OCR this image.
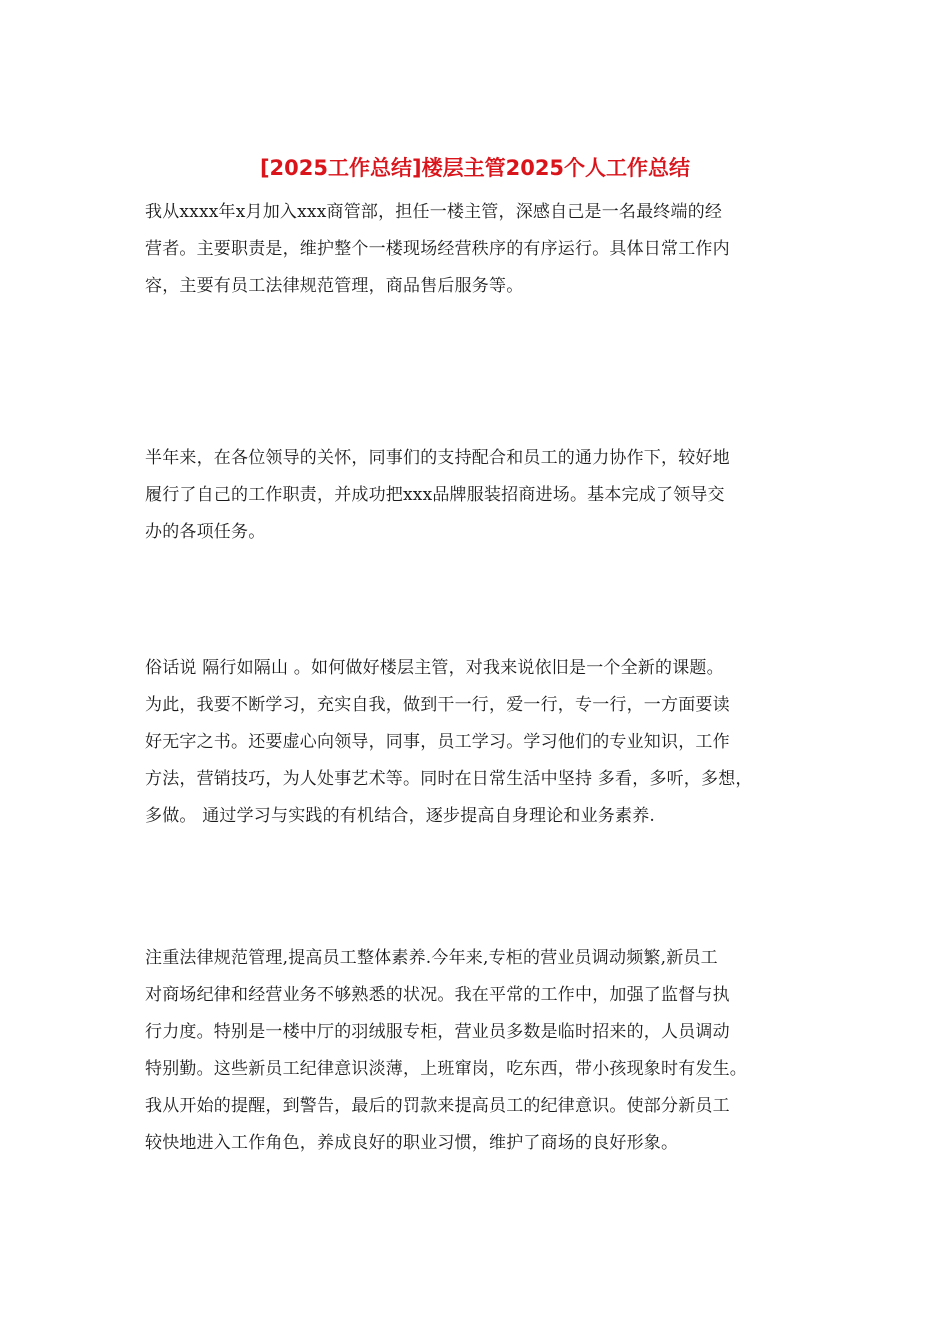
[2025工作总结]楼层主管2025个人工作总结
我从xxxx年x月加入xxx商管部，担任一楼主管，深感自己是一名最终端的经
营者。主要职责是，维护整个一楼现场经营秩序的有序运行。具体日常工作内
容，主要有员工法律规范管理，商品售后服务等。
半年来，在各位领导的关怀，同事们的支持配合和员工的通力协作下，较好地
履行了自己的工作职责，并成功把xxx品牌服装招商进场。基本完成了领导交
办的各项任务。
俗话说 隔行如隔山 。如何做好楼层主管，对我来说依旧是一个全新的课题。
为此，我要不断学习，充实自我，做到干一行，爱一行，专一行，一方面要读
好无字之书。还要虚心向领导，同事，员工学习。学习他们的专业知识，工作
方法，营销技巧，为人处事艺术等。同时在日常生活中坚持 多看，多听，多想，
多做。 通过学习与实践的有机结合，逐步提高自身理论和业务素养.
注重法律规范管理,提高员工整体素养.今年来,专柜的营业员调动频繁,新员工
对商场纪律和经营业务不够熟悉的状况。我在平常的工作中，加强了监督与执
行力度。特别是一楼中厅的羽绒服专柜，营业员多数是临时招来的，人员调动
特别勤。这些新员工纪律意识淡薄，上班窜岗，吃东西，带小孩现象时有发生。
我从开始的提醒，到警告，最后的罚款来提高员工的纪律意识。使部分新员工
较快地进入工作角色，养成良好的职业习惯，维护了商场的良好形象。
